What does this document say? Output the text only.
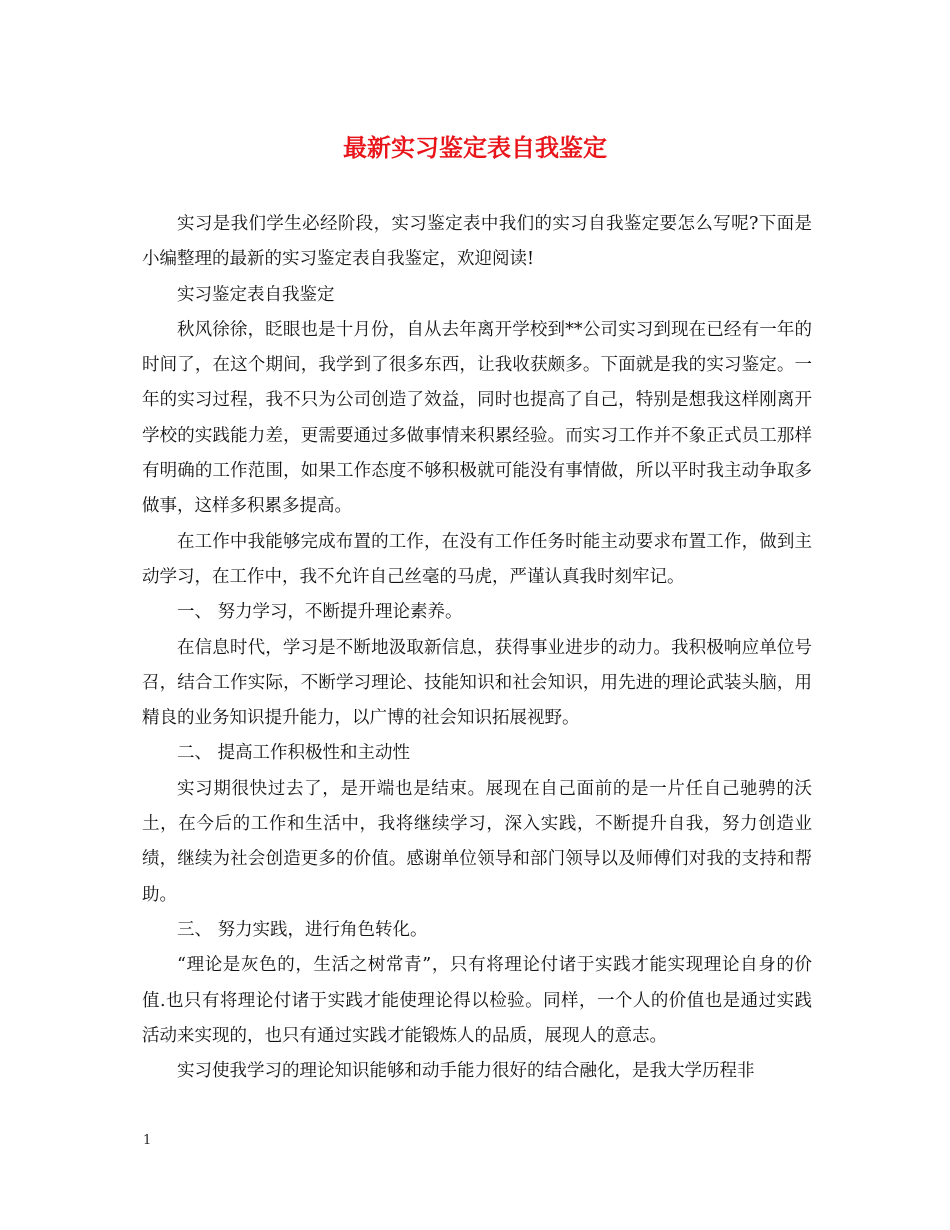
最新实习鉴定表自我鉴定

实习是我们学生必经阶段，实习鉴定表中我们的实习自我鉴定要怎么写呢?下面是小编整理的最新的实习鉴定表自我鉴定，欢迎阅读!

实习鉴定表自我鉴定

秋风徐徐，眨眼也是十月份，自从去年离开学校到**公司实习到现在已经有一年的时间了，在这个期间，我学到了很多东西，让我收获颇多。下面就是我的实习鉴定。一年的实习过程，我不只为公司创造了效益，同时也提高了自己，特别是想我这样刚离开学校的实践能力差，更需要通过多做事情来积累经验。而实习工作并不象正式员工那样有明确的工作范围，如果工作态度不够积极就可能没有事情做，所以平时我主动争取多做事，这样多积累多提高。

在工作中我能够完成布置的工作，在没有工作任务时能主动要求布置工作，做到主动学习，在工作中，我不允许自己丝毫的马虎，严谨认真我时刻牢记。

一、 努力学习，不断提升理论素养。

在信息时代，学习是不断地汲取新信息，获得事业进步的动力。我积极响应单位号召，结合工作实际，不断学习理论、技能知识和社会知识，用先进的理论武装头脑，用精良的业务知识提升能力，以广博的社会知识拓展视野。

二、 提高工作积极性和主动性

实习期很快过去了，是开端也是结束。展现在自己面前的是一片任自己驰骋的沃土，在今后的工作和生活中，我将继续学习，深入实践，不断提升自我，努力创造业绩，继续为社会创造更多的价值。感谢单位领导和部门领导以及师傅们对我的支持和帮助。

三、 努力实践，进行角色转化。

“理论是灰色的，生活之树常青”，只有将理论付诸于实践才能实现理论自身的价值.也只有将理论付诸于实践才能使理论得以检验。同样，一个人的价值也是通过实践活动来实现的，也只有通过实践才能锻炼人的品质，展现人的意志。

实习使我学习的理论知识能够和动手能力很好的结合融化，是我大学历程非

1
